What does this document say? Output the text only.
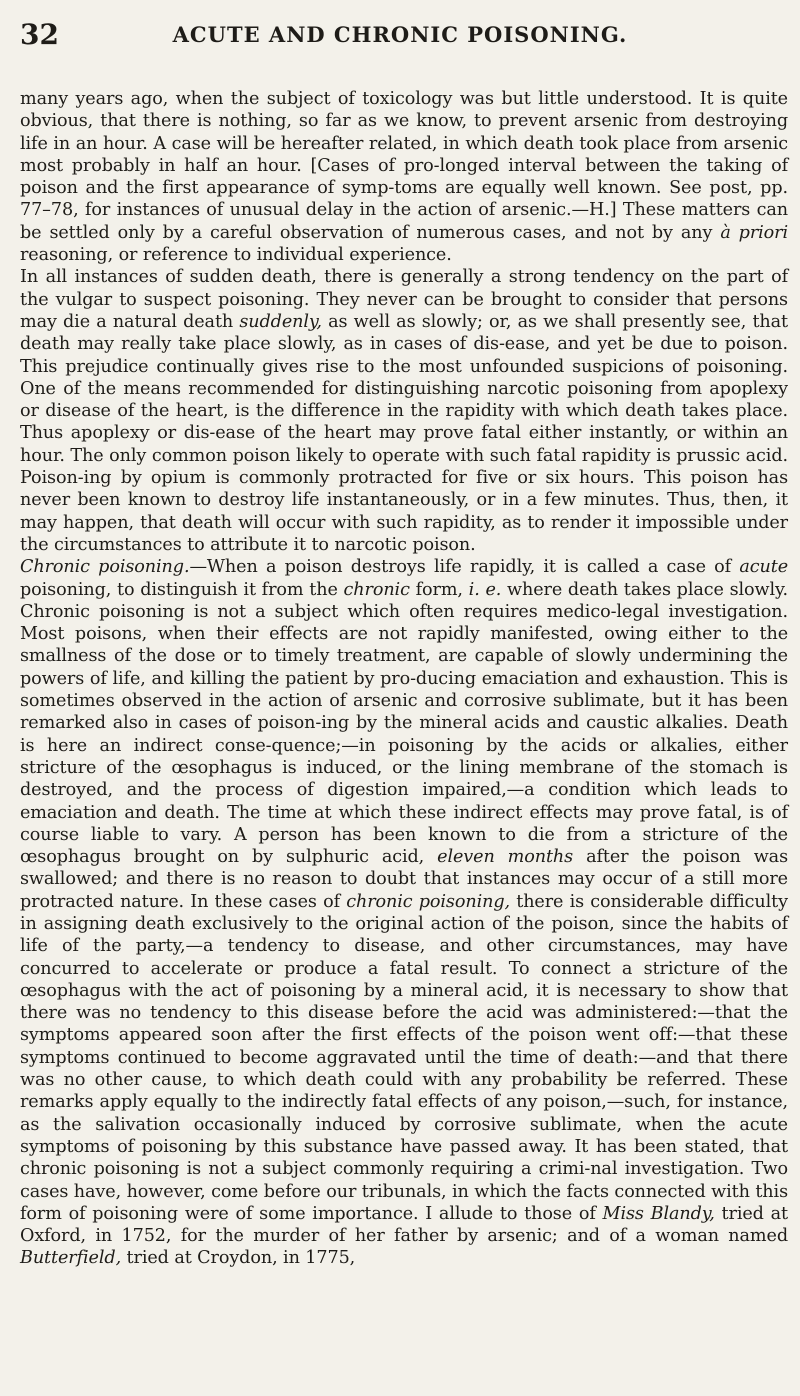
32	ACUTE AND CHRONIC POISONING.

many years ago, when the subject of toxicology was but little understood. It is quite obvious, that there is nothing, so far as we know, to prevent arsenic from destroying life in an hour. A case will be hereafter related, in which death took place from arsenic most probably in half an hour. [Cases of pro-longed interval between the taking of poison and the first appearance of symp-toms are equally well known. See post, pp. 77–78, for instances of unusual delay in the action of arsenic.—H.] These matters can be settled only by a careful observation of numerous cases, and not by any à priori reasoning, or reference to individual experience.

In all instances of sudden death, there is generally a strong tendency on the part of the vulgar to suspect poisoning. They never can be brought to consider that persons may die a natural death suddenly, as well as slowly; or, as we shall presently see, that death may really take place slowly, as in cases of dis-ease, and yet be due to poison. This prejudice continually gives rise to the most unfounded suspicions of poisoning. One of the means recommended for distinguishing narcotic poisoning from apoplexy or disease of the heart, is the difference in the rapidity with which death takes place. Thus apoplexy or dis-ease of the heart may prove fatal either instantly, or within an hour. The only common poison likely to operate with such fatal rapidity is prussic acid. Poison-ing by opium is commonly protracted for five or six hours. This poison has never been known to destroy life instantaneously, or in a few minutes. Thus, then, it may happen, that death will occur with such rapidity, as to render it impossible under the circumstances to attribute it to narcotic poison.

Chronic poisoning.—When a poison destroys life rapidly, it is called a case of acute poisoning, to distinguish it from the chronic form, i. e. where death takes place slowly. Chronic poisoning is not a subject which often requires medico-legal investigation. Most poisons, when their effects are not rapidly manifested, owing either to the smallness of the dose or to timely treatment, are capable of slowly undermining the powers of life, and killing the patient by pro-ducing emaciation and exhaustion. This is sometimes observed in the action of arsenic and corrosive sublimate, but it has been remarked also in cases of poison-ing by the mineral acids and caustic alkalies. Death is here an indirect conse-quence;—in poisoning by the acids or alkalies, either stricture of the œsophagus is induced, or the lining membrane of the stomach is destroyed, and the process of digestion impaired,—a condition which leads to emaciation and death. The time at which these indirect effects may prove fatal, is of course liable to vary. A person has been known to die from a stricture of the œsophagus brought on by sulphuric acid, eleven months after the poison was swallowed; and there is no reason to doubt that instances may occur of a still more protracted nature. In these cases of chronic poisoning, there is considerable difficulty in assigning death exclusively to the original action of the poison, since the habits of life of the party,—a tendency to disease, and other circumstances, may have concurred to accelerate or produce a fatal result. To connect a stricture of the œsophagus with the act of poisoning by a mineral acid, it is necessary to show that there was no tendency to this disease before the acid was administered:—that the symptoms appeared soon after the first effects of the poison went off:—that these symptoms continued to become aggravated until the time of death:—and that there was no other cause, to which death could with any probability be referred. These remarks apply equally to the indirectly fatal effects of any poison,—such, for instance, as the salivation occasionally induced by corrosive sublimate, when the acute symptoms of poisoning by this substance have passed away. It has been stated, that chronic poisoning is not a subject commonly requiring a crimi-nal investigation. Two cases have, however, come before our tribunals, in which the facts connected with this form of poisoning were of some importance. I allude to those of Miss Blandy, tried at Oxford, in 1752, for the murder of her father by arsenic; and of a woman named Butterfield, tried at Croydon, in 1775,
